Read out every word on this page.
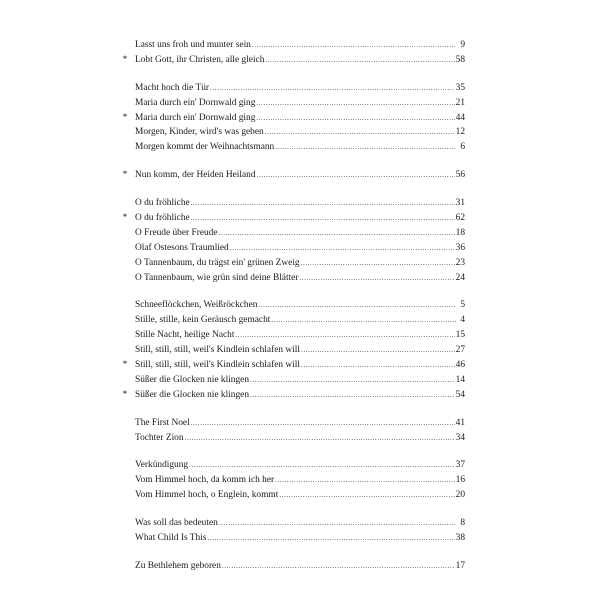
Lasst uns froh und munter sein .....	9
* Lobt Gott, ihr Christen, alle gleich .....	58
Macht hoch die Tür .....	35
Maria durch ein' Dornwald ging .....	21
* Maria durch ein' Dornwald ging .....	44
Morgen, Kinder, wird's was geben .....	12
Morgen kommt der Weihnachtsmann .....	6
* Nun komm, der Heiden Heiland .....	56
O du fröhliche .....	31
* O du fröhliche .....	62
O Freude über Freude .....	18
Olaf Ostesons Traumlied .....	36
O Tannenbaum, du trägst ein' grünen Zweig .....	23
O Tannenbaum, wie grün sind deine Blätter .....	24
Schneeflöckchen, Weißröckchen .....	5
Stille, stille, kein Geräusch gemacht .....	4
Stille Nacht, heilige Nacht .....	15
Still, still, still, weil's Kindlein schlafen will .....	27
* Still, still, still, weil's Kindlein schlafen will .....	46
Süßer die Glocken nie klingen .....	14
* Süßer die Glocken nie klingen .....	54
The First Noel .....	41
Tochter Zion .....	34
Verkündigung .....	37
Vom Himmel hoch, da komm ich her .....	16
Vom Himmel hoch, o Englein, kommt .....	20
Was soll das bedeuten .....	8
What Child Is This .....	38
Zu Bethlehem geboren .....	17
